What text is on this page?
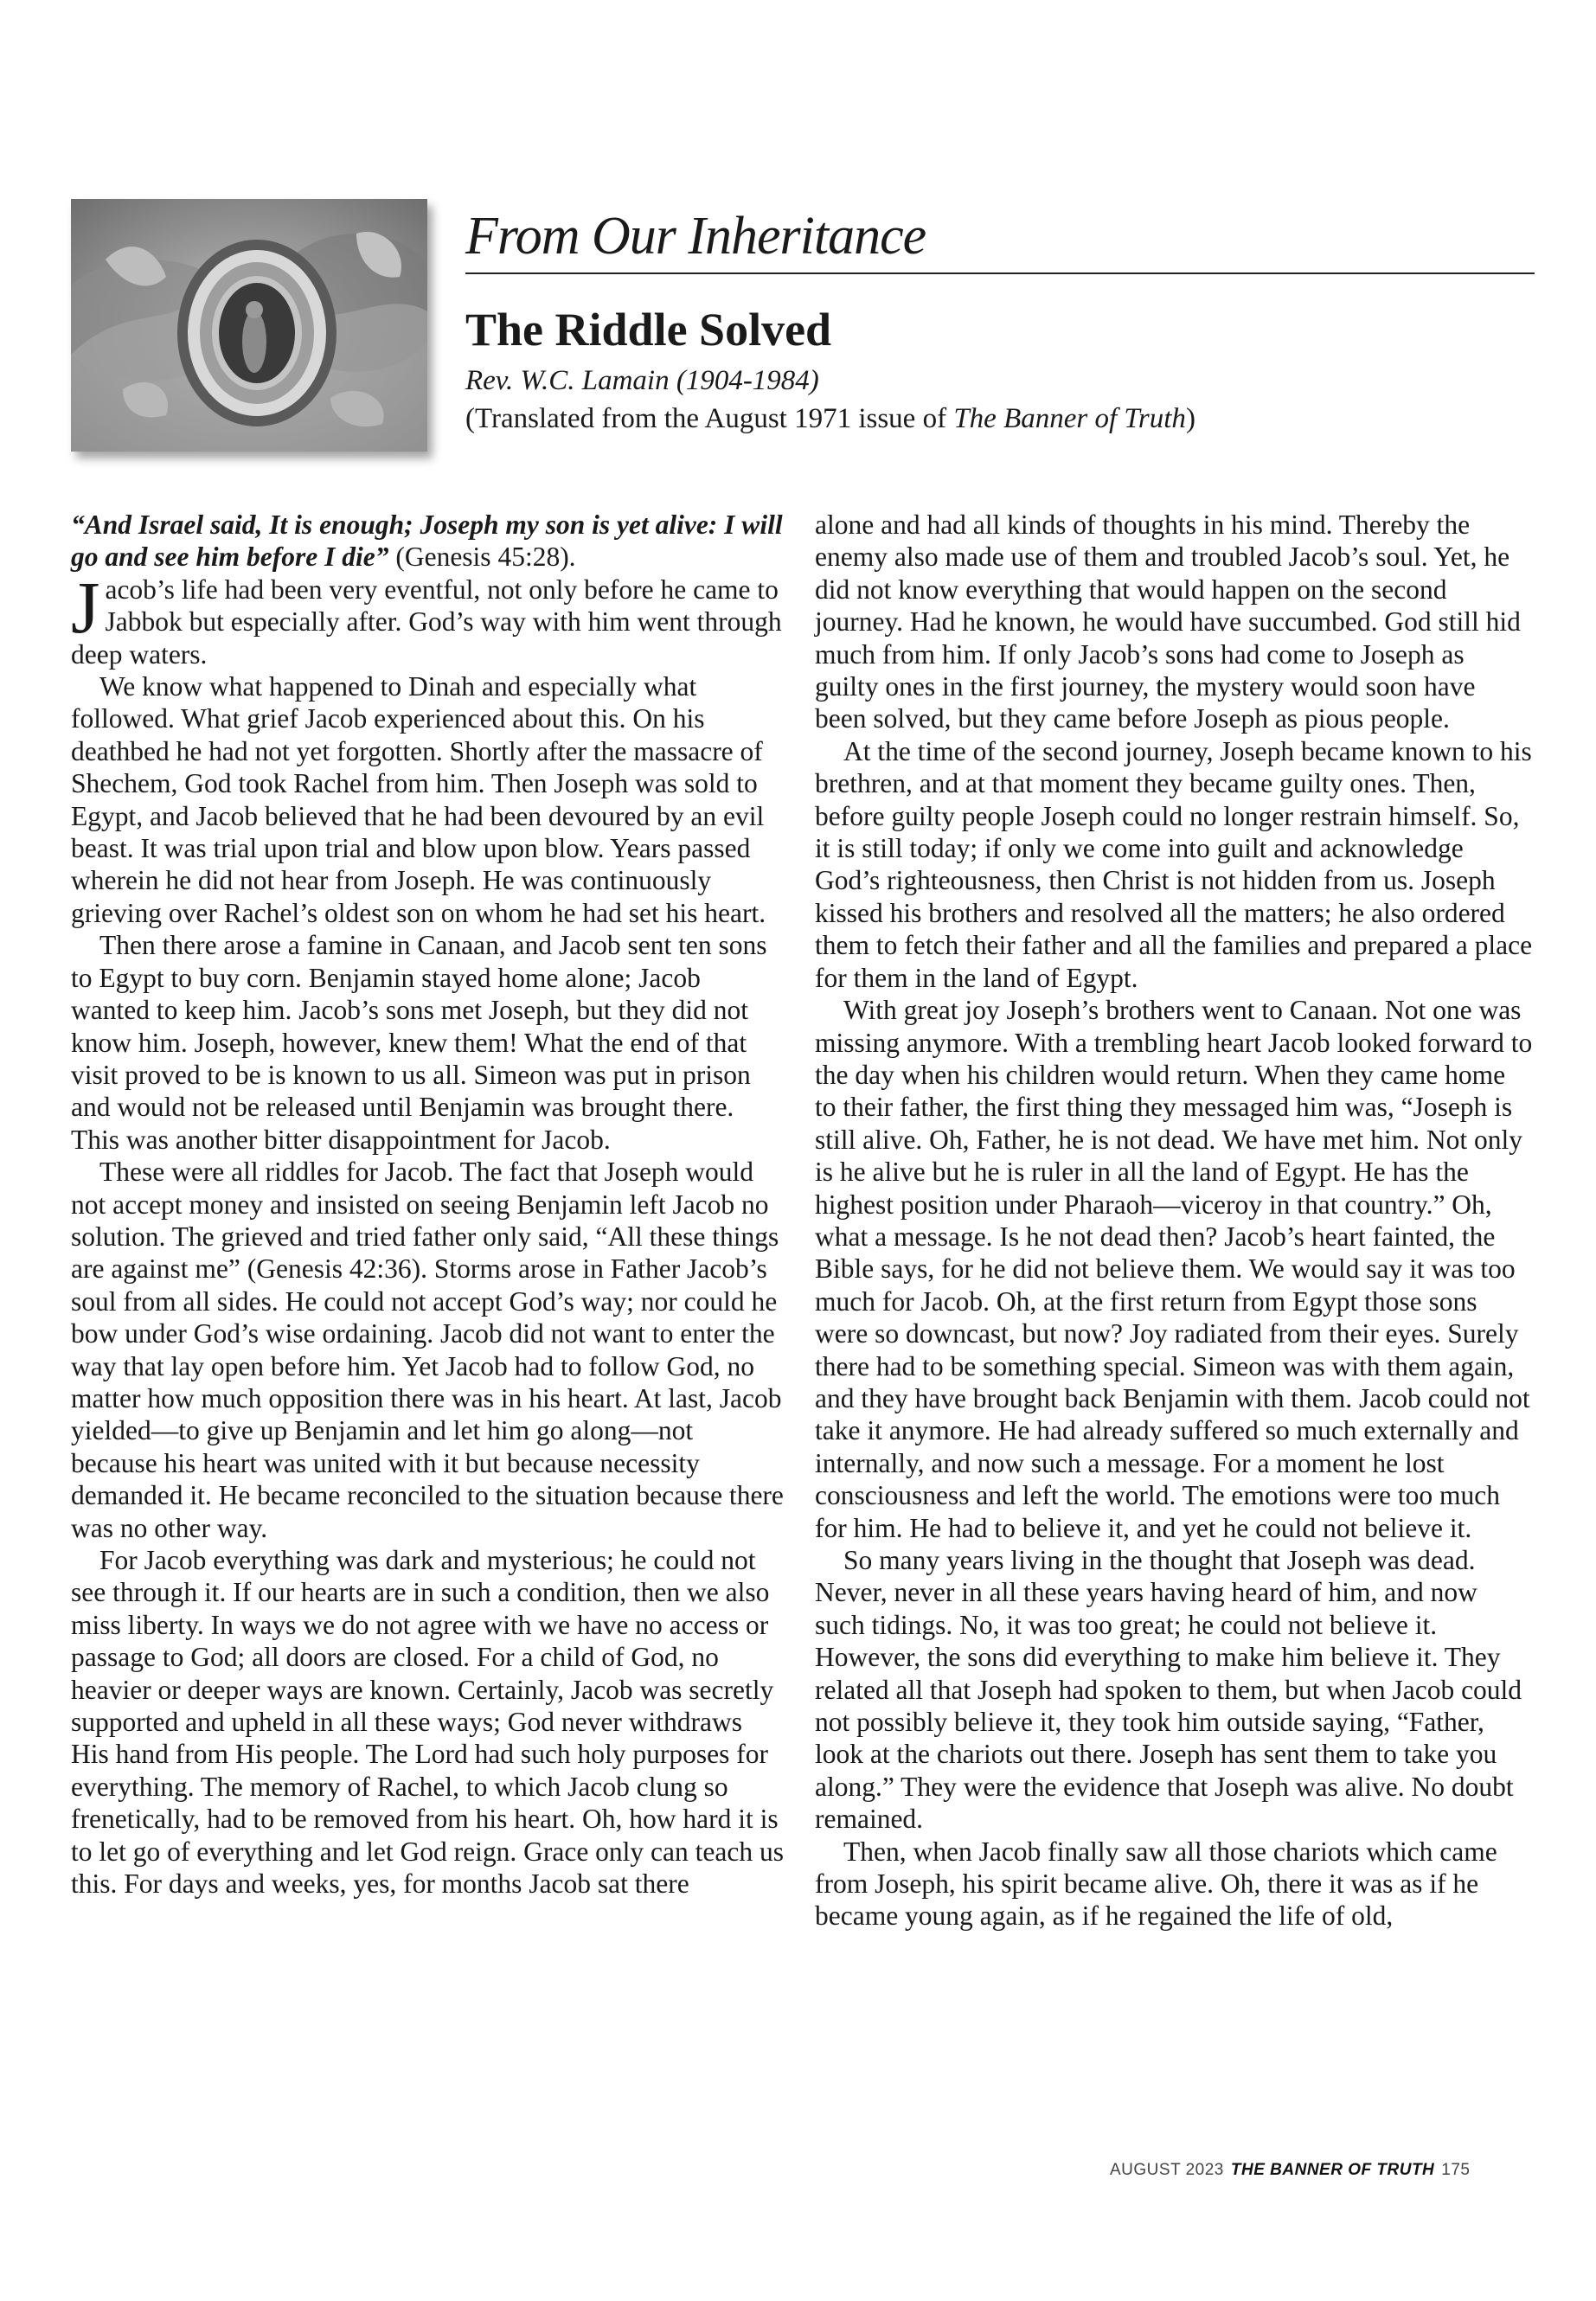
From Our Inheritance
The Riddle Solved
Rev. W.C. Lamain (1904-1984)
(Translated from the August 1971 issue of The Banner of Truth)

“And Israel said, It is enough; Joseph my son is yet alive: I will go and see him before I die” (Genesis 45:28).

Jacob’s life had been very eventful, not only before he came to Jabbok but especially after. God’s way with him went through deep waters.

We know what happened to Dinah and especially what followed. What grief Jacob experienced about this. On his deathbed he had not yet forgotten. Shortly after the massacre of Shechem, God took Rachel from him. Then Joseph was sold to Egypt, and Jacob believed that he had been devoured by an evil beast. It was trial upon trial and blow upon blow. Years passed wherein he did not hear from Joseph. He was continuously grieving over Rachel’s oldest son on whom he had set his heart.

Then there arose a famine in Canaan, and Jacob sent ten sons to Egypt to buy corn. Benjamin stayed home alone; Jacob wanted to keep him. Jacob’s sons met Joseph, but they did not know him. Joseph, however, knew them! What the end of that visit proved to be is known to us all. Simeon was put in prison and would not be released until Benjamin was brought there. This was another bitter disappointment for Jacob.

These were all riddles for Jacob. The fact that Joseph would not accept money and insisted on seeing Benjamin left Jacob no solution. The grieved and tried father only said, “All these things are against me” (Genesis 42:36). Storms arose in Father Jacob’s soul from all sides. He could not accept God’s way; nor could he bow under God’s wise ordaining. Jacob did not want to enter the way that lay open before him. Yet Jacob had to follow God, no matter how much opposition there was in his heart. At last, Jacob yielded—to give up Benjamin and let him go along—not because his heart was united with it but because necessity demanded it. He became reconciled to the situation because there was no other way.

For Jacob everything was dark and mysterious; he could not see through it. If our hearts are in such a condition, then we also miss liberty. In ways we do not agree with we have no access or passage to God; all doors are closed. For a child of God, no heavier or deeper ways are known. Certainly, Jacob was secretly supported and upheld in all these ways; God never withdraws His hand from His people. The Lord had such holy purposes for everything. The memory of Rachel, to which Jacob clung so frenetically, had to be removed from his heart. Oh, how hard it is to let go of everything and let God reign. Grace only can teach us this. For days and weeks, yes, for months Jacob sat there

alone and had all kinds of thoughts in his mind. Thereby the enemy also made use of them and troubled Jacob’s soul. Yet, he did not know everything that would happen on the second journey. Had he known, he would have succumbed. God still hid much from him. If only Jacob’s sons had come to Joseph as guilty ones in the first journey, the mystery would soon have been solved, but they came before Joseph as pious people.

At the time of the second journey, Joseph became known to his brethren, and at that moment they became guilty ones. Then, before guilty people Joseph could no longer restrain himself. So, it is still today; if only we come into guilt and acknowledge God’s righteousness, then Christ is not hidden from us. Joseph kissed his brothers and resolved all the matters; he also ordered them to fetch their father and all the families and prepared a place for them in the land of Egypt.

With great joy Joseph’s brothers went to Canaan. Not one was missing anymore. With a trembling heart Jacob looked forward to the day when his children would return. When they came home to their father, the first thing they messaged him was, “Joseph is still alive. Oh, Father, he is not dead. We have met him. Not only is he alive but he is ruler in all the land of Egypt. He has the highest position under Pharaoh—viceroy in that country.” Oh, what a message. Is he not dead then? Jacob’s heart fainted, the Bible says, for he did not believe them. We would say it was too much for Jacob. Oh, at the first return from Egypt those sons were so downcast, but now? Joy radiated from their eyes. Surely there had to be something special. Simeon was with them again, and they have brought back Benjamin with them. Jacob could not take it anymore. He had already suffered so much externally and internally, and now such a message. For a moment he lost consciousness and left the world. The emotions were too much for him. He had to believe it, and yet he could not believe it.

So many years living in the thought that Joseph was dead. Never, never in all these years having heard of him, and now such tidings. No, it was too great; he could not believe it. However, the sons did everything to make him believe it. They related all that Joseph had spoken to them, but when Jacob could not possibly believe it, they took him outside saying, “Father, look at the chariots out there. Joseph has sent them to take you along.” They were the evidence that Joseph was alive. No doubt remained.

Then, when Jacob finally saw all those chariots which came from Joseph, his spirit became alive. Oh, there it was as if he became young again, as if he regained the life of old,

AUGUST 2023 THE BANNER OF TRUTH 175
